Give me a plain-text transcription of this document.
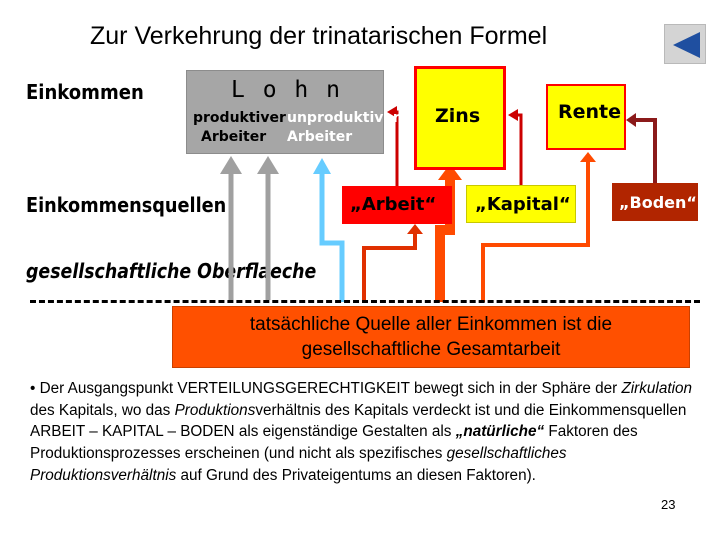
Zur Verkehrung der trinatarischen Formel
Einkommen
Einkommensquellen
gesellschaftliche Oberflaeche
L o h n
produktiver
Arbeiter
unproduktiver
Arbeiter
Zins	Rente
„Arbeit“ „Kapital“	„Boden“
tatsächliche Quelle aller Einkommen ist die
gesellschaftliche Gesamtarbeit
• Der Ausgangspunkt VERTEILUNGSGERECHTIGKEIT bewegt sich in der Sphäre der Zirkulation des Kapitals, wo das Produktionsverhältnis des Kapitals verdeckt ist und die Einkommensquellen ARBEIT – KAPITAL – BODEN als eigenständige Gestalten als „natürliche“ Faktoren des Produktionsprozesses erscheinen (und nicht als spezifisches gesellschaftliches Produktionsverhältnis auf Grund des Privateigentums an diesen Faktoren).
23
